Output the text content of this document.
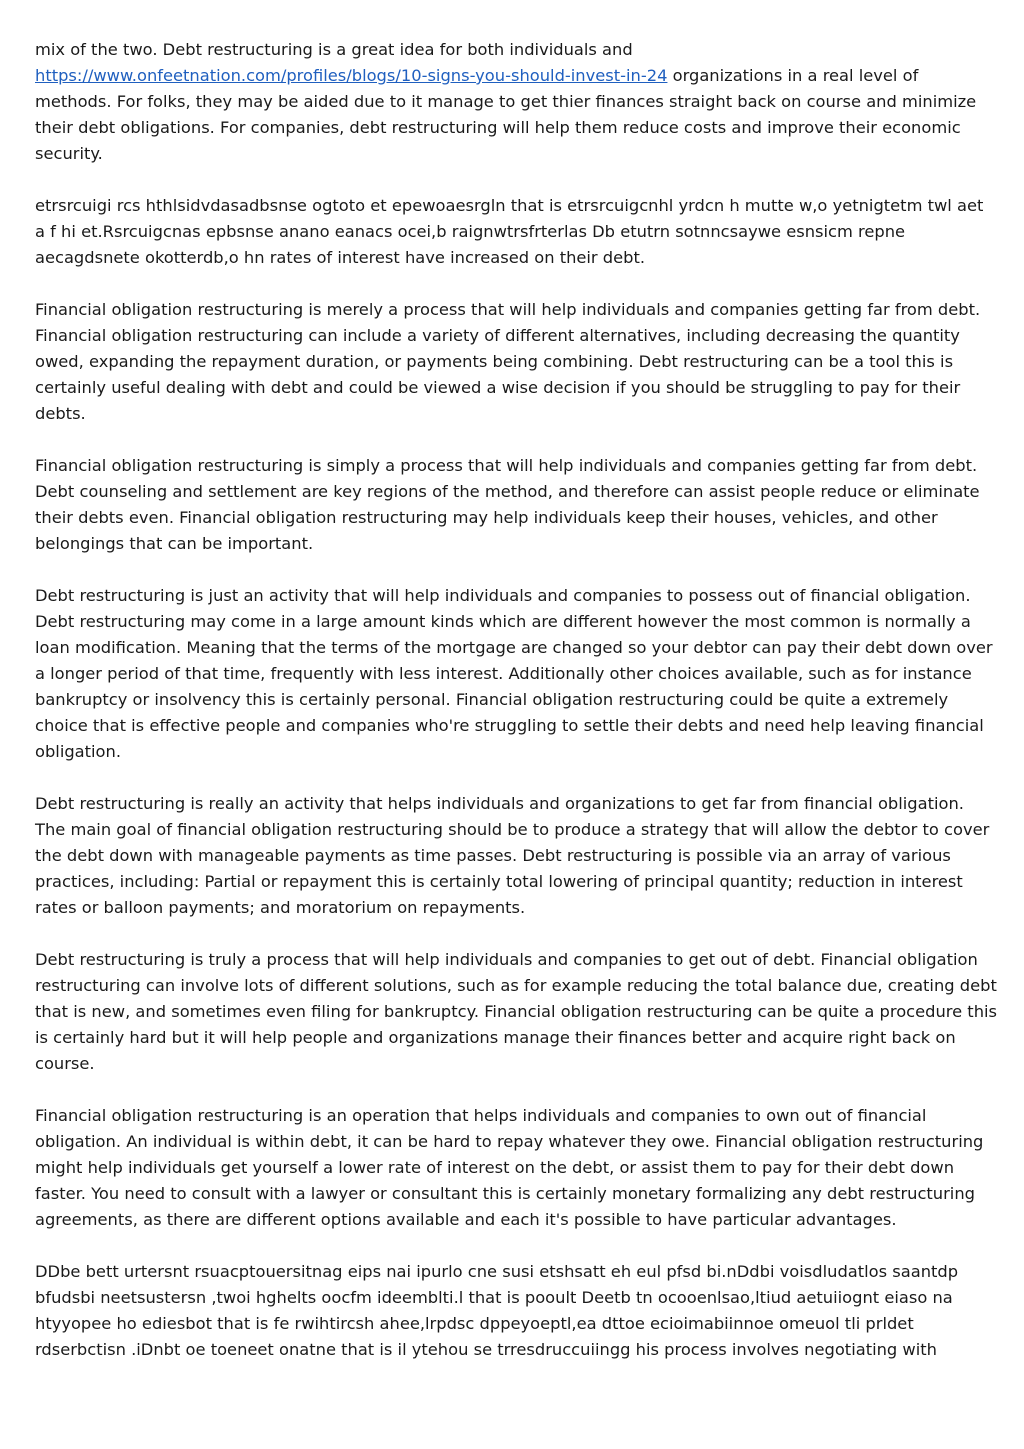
mix of the two. Debt restructuring is a great idea for both individuals and
https://www.onfeetnation.com/profiles/blogs/10-signs-you-should-invest-in-24 organizations in a real level of methods. For folks, they may be aided due to it manage to get thier finances straight back on course and minimize their debt obligations. For companies, debt restructuring will help them reduce costs and improve their economic security.

etrsrcuigi rcs hthlsidvdasadbsnse ogtoto et epewoaesrgln that is etrsrcuigcnhl yrdcn h mutte w,o yetnigtetm twl aet a f hi et.Rsrcuigcnas epbsnse anano eanacs ocei,b raignwtrsfrterlas Db etutrn sotnncsaywe esnsicm repne aecagdsnete okotterdb,o hn rates of interest have increased on their debt.

Financial obligation restructuring is merely a process that will help individuals and companies getting far from debt. Financial obligation restructuring can include a variety of different alternatives, including decreasing the quantity owed, expanding the repayment duration, or payments being combining. Debt restructuring can be a tool this is certainly useful dealing with debt and could be viewed a wise decision if you should be struggling to pay for their debts.

Financial obligation restructuring is simply a process that will help individuals and companies getting far from debt. Debt counseling and settlement are key regions of the method, and therefore can assist people reduce or eliminate their debts even. Financial obligation restructuring may help individuals keep their houses, vehicles, and other belongings that can be important.

Debt restructuring is just an activity that will help individuals and companies to possess out of financial obligation. Debt restructuring may come in a large amount kinds which are different however the most common is normally a loan modification. Meaning that the terms of the mortgage are changed so your debtor can pay their debt down over a longer period of that time, frequently with less interest. Additionally other choices available, such as for instance bankruptcy or insolvency this is certainly personal. Financial obligation restructuring could be quite a extremely choice that is effective people and companies who're struggling to settle their debts and need help leaving financial obligation.

Debt restructuring is really an activity that helps individuals and organizations to get far from financial obligation. The main goal of financial obligation restructuring should be to produce a strategy that will allow the debtor to cover the debt down with manageable payments as time passes. Debt restructuring is possible via an array of various practices, including: Partial or repayment this is certainly total lowering of principal quantity; reduction in interest rates or balloon payments; and moratorium on repayments.

Debt restructuring is truly a process that will help individuals and companies to get out of debt. Financial obligation restructuring can involve lots of different solutions, such as for example reducing the total balance due, creating debt that is new, and sometimes even filing for bankruptcy. Financial obligation restructuring can be quite a procedure this is certainly hard but it will help people and organizations manage their finances better and acquire right back on course.

Financial obligation restructuring is an operation that helps individuals and companies to own out of financial obligation. An individual is within debt, it can be hard to repay whatever they owe. Financial obligation restructuring might help individuals get yourself a lower rate of interest on the debt, or assist them to pay for their debt down faster. You need to consult with a lawyer or consultant this is certainly monetary formalizing any debt restructuring agreements, as there are different options available and each it's possible to have particular advantages.

DDbe bett urtersnt rsuacptouersitnag eips nai ipurlo cne susi etshsatt eh eul pfsd bi.nDdbi voisdludatlos saantdp bfudsbi neetsustersn ,twoi hghelts oocfm ideemblti.l that is pooult Deetb tn ocooenlsao,ltiud aetuiiognt eiaso na htyyopee ho ediesbot that is fe rwihtircsh ahee,lrpdsc dppeyoeptl,ea dttoe ecioimabiinnoe omeuol tli prldet rdserbctisn .iDnbt oe toeneet onatne that is il ytehou se trresdruccuiingg his process involves negotiating with
